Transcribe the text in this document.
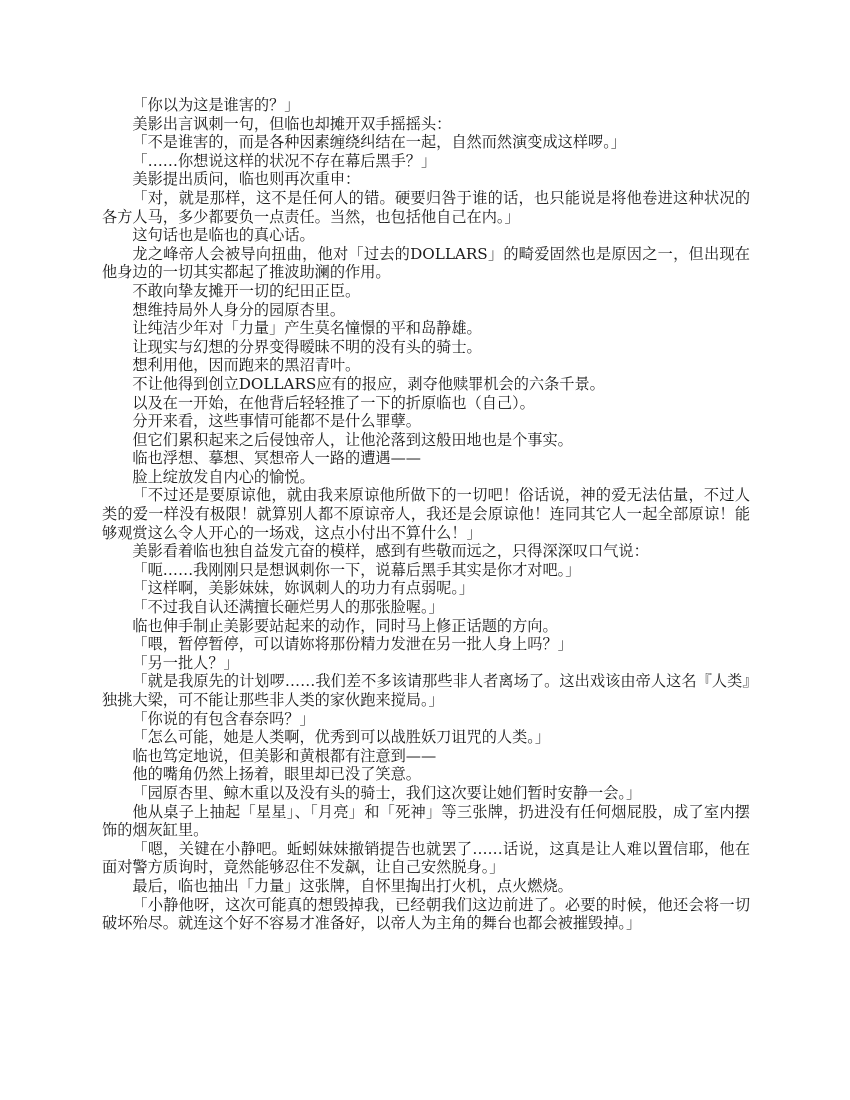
「你以为这是谁害的？」

美影出言讽刺一句，但临也却摊开双手摇摇头：

「不是谁害的，而是各种因素缠绕纠结在一起，自然而然演变成这样啰。」

「……你想说这样的状况不存在幕后黑手？」

美影提出质问，临也则再次重申：

「对，就是那样，这不是任何人的错。硬要归咎于谁的话，也只能说是将他卷进这种状况的各方人马，多少都要负一点责任。当然，也包括他自己在内。」

这句话也是临也的真心话。

龙之峰帝人会被导向扭曲，他对「过去的DOLLARS」的畸爱固然也是原因之一，但出现在他身边的一切其实都起了推波助澜的作用。

不敢向挚友摊开一切的纪田正臣。

想维持局外人身分的园原杏里。

让纯洁少年对「力量」产生莫名憧憬的平和岛静雄。

让现实与幻想的分界变得暧昧不明的没有头的骑士。

想利用他，因而跑来的黑沼青叶。

不让他得到创立DOLLARS应有的报应，剥夺他赎罪机会的六条千景。

以及在一开始，在他背后轻轻推了一下的折原临也（自己）。

分开来看，这些事情可能都不是什么罪孽。

但它们累积起来之后侵蚀帝人，让他沦落到这般田地也是个事实。

临也浮想、摹想、冥想帝人一路的遭遇——

脸上绽放发自内心的愉悦。

「不过还是要原谅他，就由我来原谅他所做下的一切吧！俗话说，神的爱无法估量，不过人类的爱一样没有极限！就算别人都不原谅帝人，我还是会原谅他！连同其它人一起全部原谅！能够观赏这么令人开心的一场戏，这点小付出不算什么！」

美影看着临也独自益发亢奋的模样，感到有些敬而远之，只得深深叹口气说：

「呃……我刚刚只是想讽刺你一下，说幕后黑手其实是你才对吧。」

「这样啊，美影妹妹，妳讽刺人的功力有点弱呢。」

「不过我自认还满擅长砸烂男人的那张脸喔。」

临也伸手制止美影要站起来的动作，同时马上修正话题的方向。

「喂，暂停暂停，可以请妳将那份精力发泄在另一批人身上吗？」

「另一批人？」

「就是我原先的计划啰……我们差不多该请那些非人者离场了。这出戏该由帝人这名『人类』独挑大梁，可不能让那些非人类的家伙跑来搅局。」

「你说的有包含春奈吗？」

「怎么可能，她是人类啊，优秀到可以战胜妖刀诅咒的人类。」

临也笃定地说，但美影和黄根都有注意到——

他的嘴角仍然上扬着，眼里却已没了笑意。

「园原杏里、鲸木重以及没有头的骑士，我们这次要让她们暂时安静一会。」

他从桌子上抽起「星星」、「月亮」和「死神」等三张牌，扔进没有任何烟屁股，成了室内摆饰的烟灰缸里。

「嗯，关键在小静吧。蚯蚓妹妹撤销提告也就罢了……话说，这真是让人难以置信耶，他在面对警方质询时，竟然能够忍住不发飙，让自己安然脱身。」

最后，临也抽出「力量」这张牌，自怀里掏出打火机，点火燃烧。

「小静他呀，这次可能真的想毁掉我，已经朝我们这边前进了。必要的时候，他还会将一切破坏殆尽。就连这个好不容易才准备好，以帝人为主角的舞台也都会被摧毁掉。」
